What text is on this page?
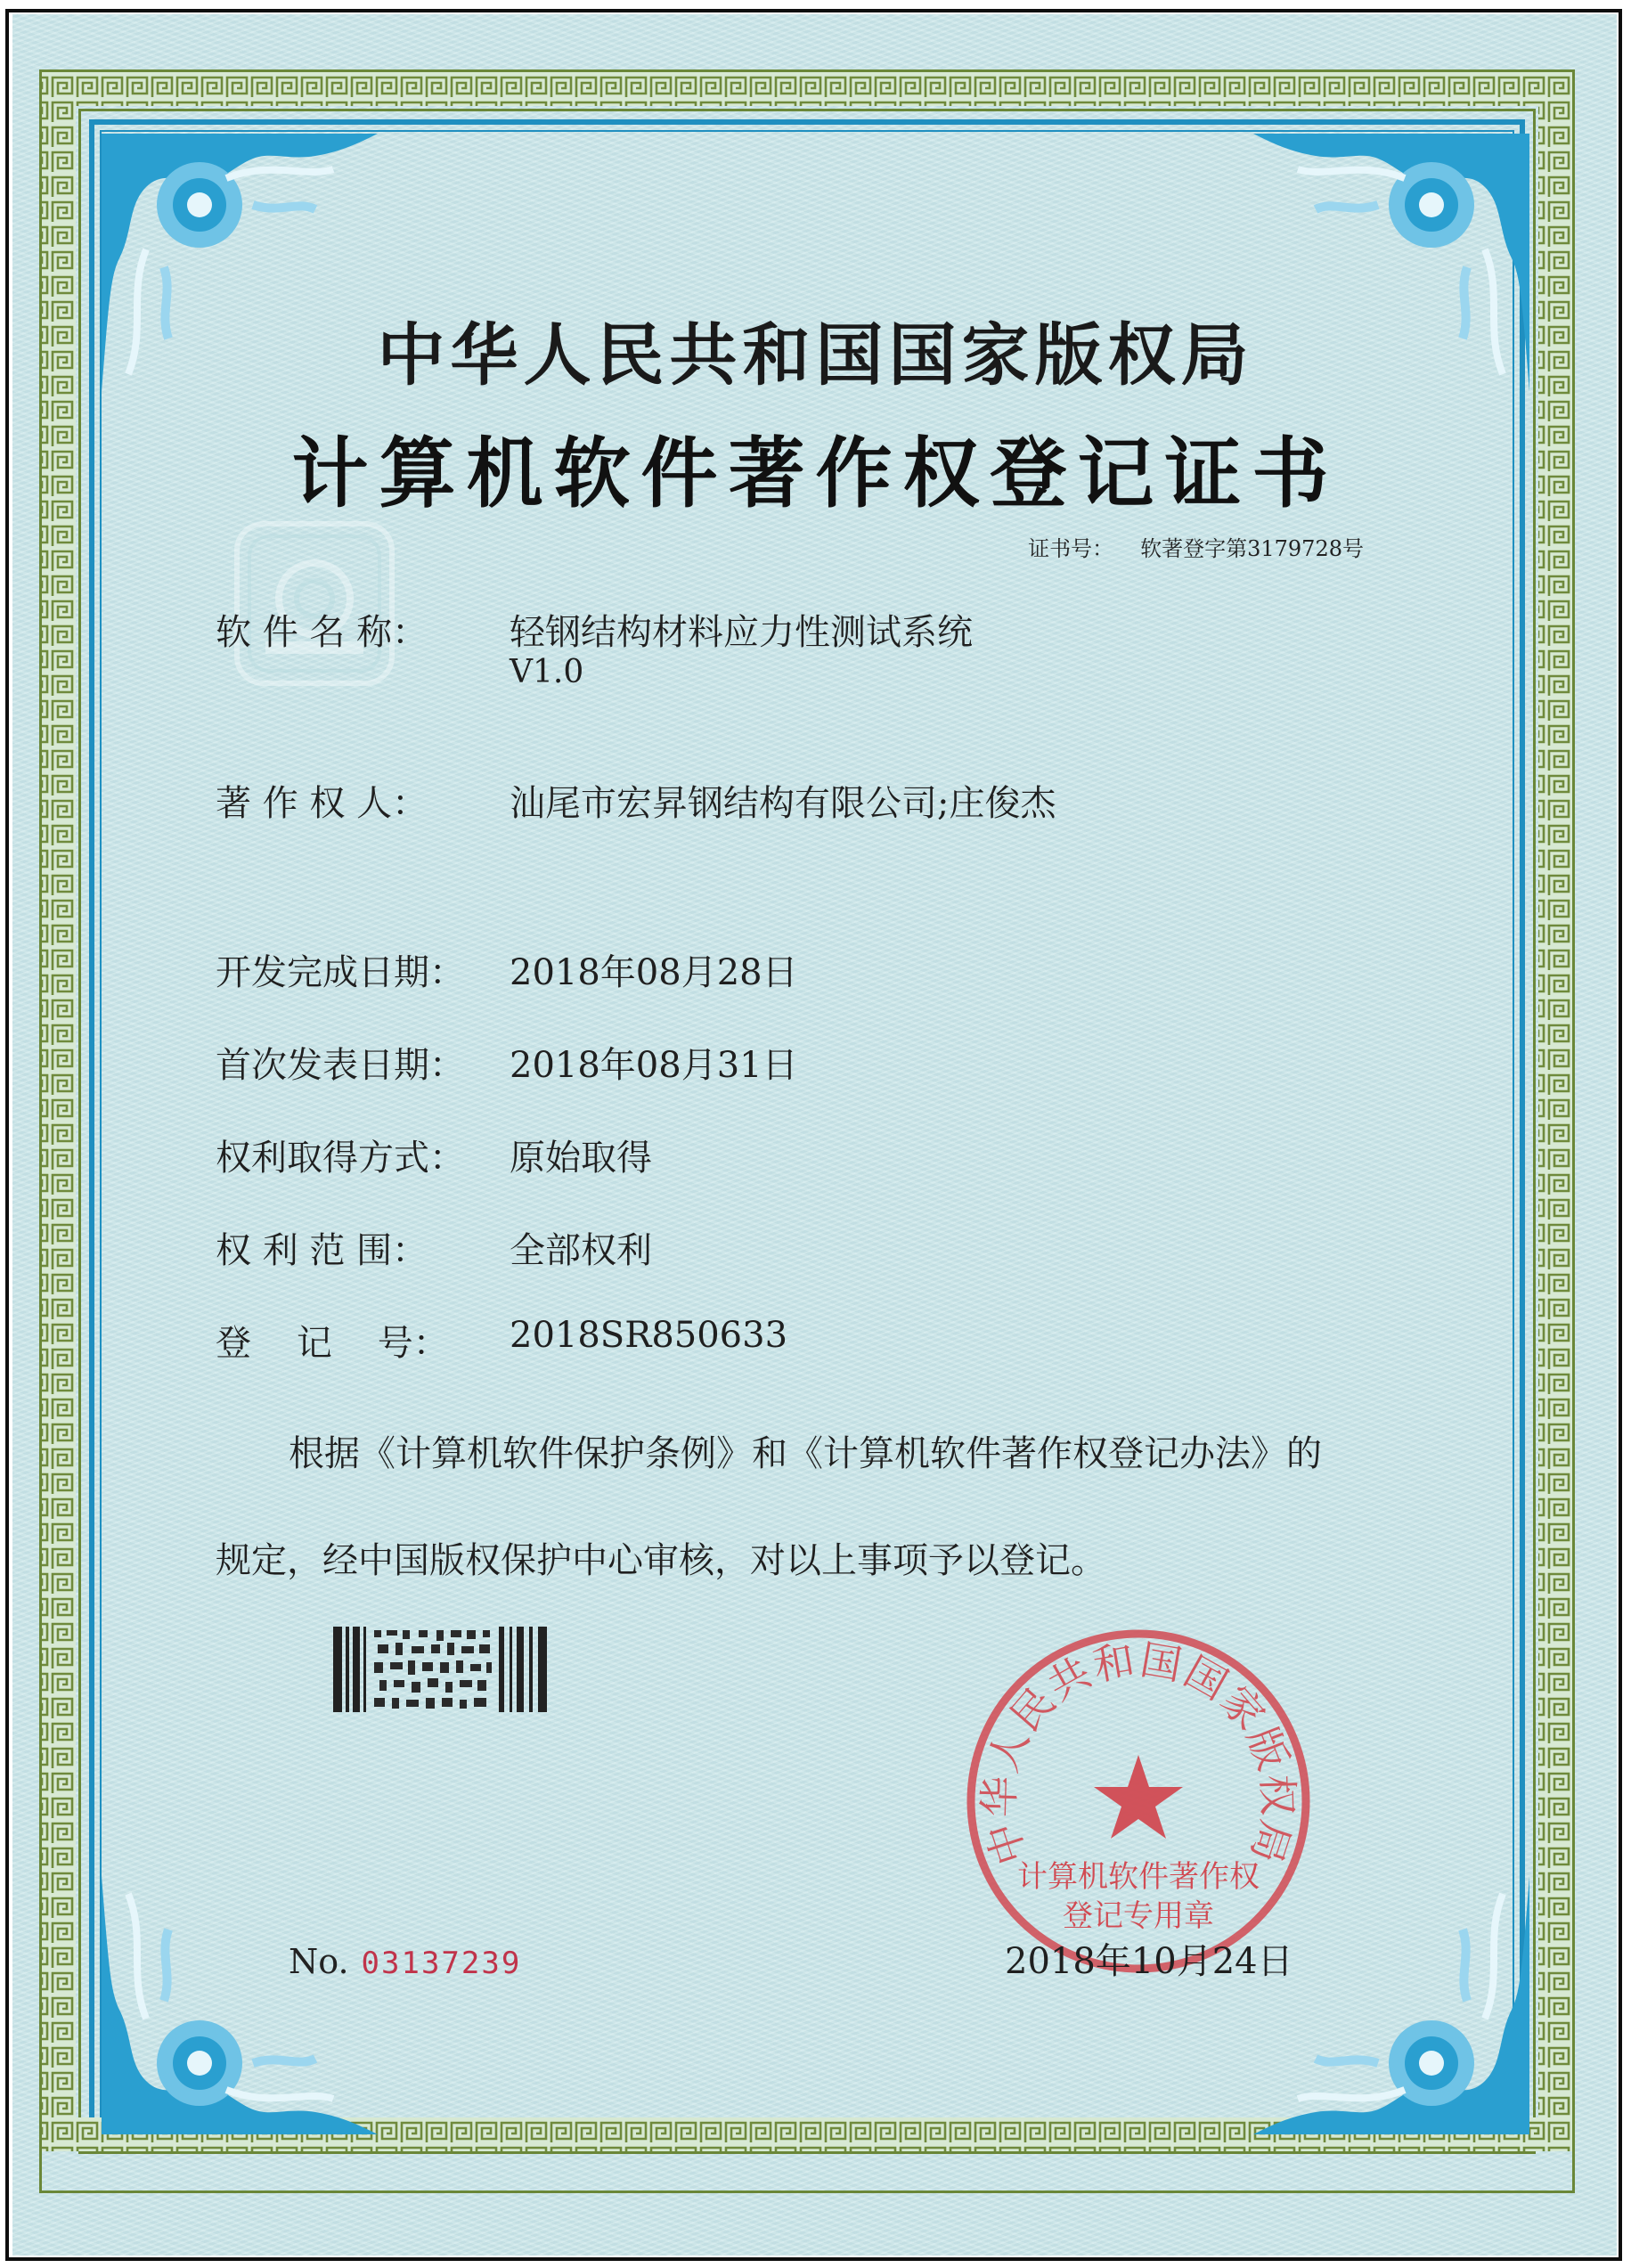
中华人民共和国国家版权局
计算机软件著作权登记证书
证书号： 软著登字第3179728号
软 件 名 称：	轻钢结构材料应力性测试系统
V1.0
著 作 权 人：	汕尾市宏昇钢结构有限公司;庄俊杰
开发完成日期：	2018年08月28日
首次发表日期：	2018年08月31日
权利取得方式：	原始取得
权 利 范 围：	全部权利
登    记    号：	2018SR850633
根据《计算机软件保护条例》和《计算机软件著作权登记办法》的
规定，经中国版权保护中心审核，对以上事项予以登记。
中华人民共和国国家版权局
计算机软件著作权
登记专用章
No. 03137239	2018年10月24日
